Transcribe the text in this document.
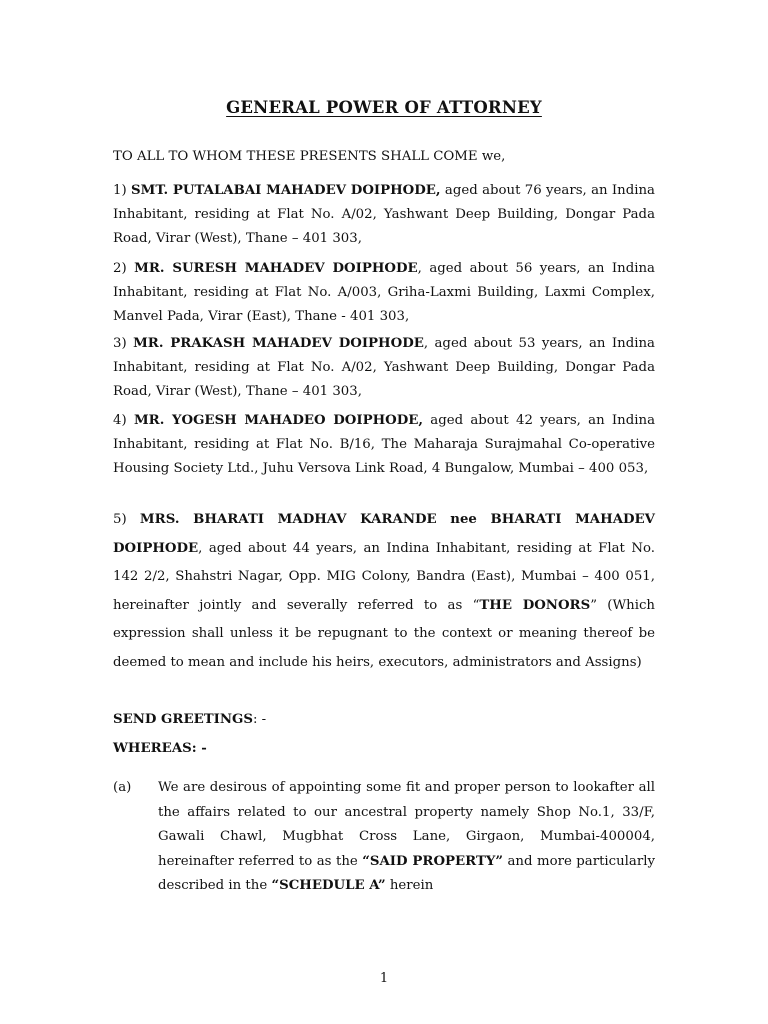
GENERAL POWER OF ATTORNEY

TO ALL TO WHOM THESE PRESENTS SHALL COME we,

1) SMT. PUTALABAI MAHADEV DOIPHODE, aged about 76 years, an Indina Inhabitant, residing at Flat No. A/02, Yashwant Deep Building, Dongar Pada Road, Virar (West), Thane – 401 303,

2) MR. SURESH MAHADEV DOIPHODE, aged about 56 years, an Indina Inhabitant, residing at Flat No. A/003, Griha-Laxmi Building, Laxmi Complex, Manvel Pada, Virar (East), Thane - 401 303,

3) MR. PRAKASH MAHADEV DOIPHODE, aged about 53 years, an Indina Inhabitant, residing at Flat No. A/02, Yashwant Deep Building, Dongar Pada Road, Virar (West), Thane – 401 303,

4) MR. YOGESH MAHADEO DOIPHODE, aged about 42 years, an Indina Inhabitant, residing at Flat No. B/16, The Maharaja Surajmahal Co-operative Housing Society Ltd., Juhu Versova Link Road, 4 Bungalow, Mumbai – 400 053,

5) MRS. BHARATI MADHAV KARANDE nee BHARATI MAHADEV DOIPHODE, aged about 44 years, an Indina Inhabitant, residing at Flat No. 142 2/2, Shahstri Nagar, Opp. MIG Colony, Bandra (East), Mumbai – 400 051, hereinafter jointly and severally referred to as “THE DONORS” (Which expression shall unless it be repugnant to the context or meaning thereof be deemed to mean and include his heirs, executors, administrators and Assigns)

SEND GREETINGS: -

WHEREAS: -

(a) We are desirous of appointing some fit and proper person to lookafter all the affairs related to our ancestral property namely Shop No.1, 33/F, Gawali Chawl, Mugbhat Cross Lane, Girgaon, Mumbai-400004, hereinafter referred to as the “SAID PROPERTY” and more particularly described in the “SCHEDULE A” herein
1
